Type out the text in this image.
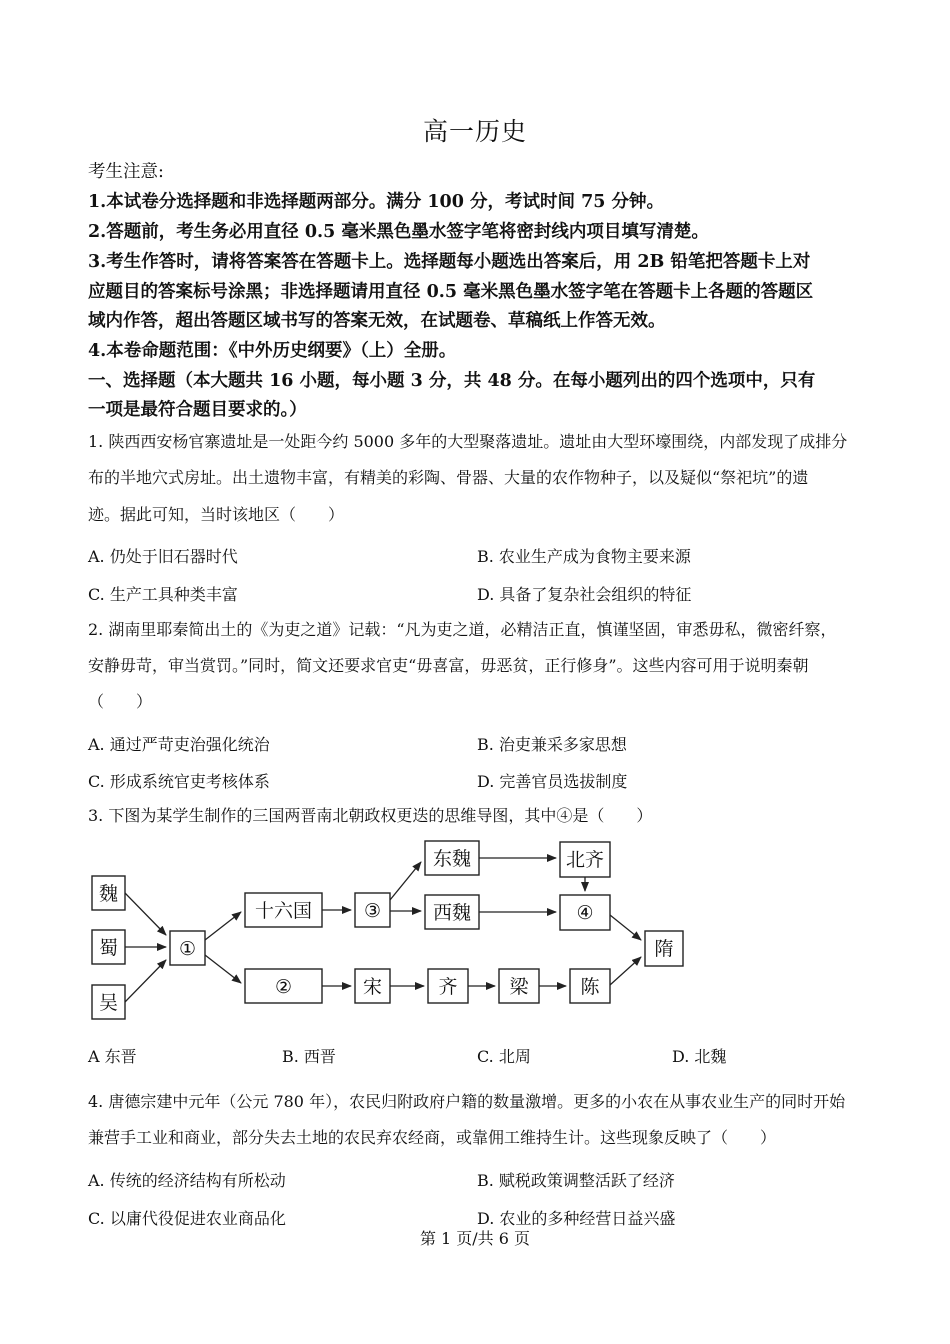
高一历史
考生注意:
1.本试卷分选择题和非选择题两部分。满分 100 分，考试时间 75 分钟。
2.答题前，考生务必用直径 0.5 毫米黑色墨水签字笔将密封线内项目填写清楚。
3.考生作答时，请将答案答在答题卡上。选择题每小题选出答案后，用 2B 铅笔把答题卡上对
应题目的答案标号涂黑；非选择题请用直径 0.5 毫米黑色墨水签字笔在答题卡上各题的答题区
域内作答，超出答题区域书写的答案无效，在试题卷、草稿纸上作答无效。
4.本卷命题范围：《中外历史纲要》（上）全册。
一、选择题（本大题共 16 小题，每小题 3 分，共 48 分。在每小题列出的四个选项中，只有
一项是最符合题目要求的。）
1. 陕西西安杨官寨遗址是一处距今约 5000 多年的大型聚落遗址。遗址由大型环壕围绕，内部发现了成排分
布的半地穴式房址。出土遗物丰富，有精美的彩陶、骨器、大量的农作物种子，以及疑似“祭祀坑”的遗
迹。据此可知，当时该地区（　　）
A. 仍处于旧石器时代	B. 农业生产成为食物主要来源
C. 生产工具种类丰富	D. 具备了复杂社会组织的特征
2. 湖南里耶秦简出土的《为吏之道》记载：“凡为吏之道，必精洁正直，慎谨坚固，审悉毋私，微密纤察，
安静毋苛，审当赏罚。”同时，简文还要求官吏“毋喜富，毋恶贫，正行修身”。这些内容可用于说明秦朝
（　　）
A. 通过严苛吏治强化统治	B. 治吏兼采多家思想
C. 形成系统官吏考核体系	D. 完善官员选拔制度
3. 下图为某学生制作的三国两晋南北朝政权更迭的思维导图，其中④是（　　）
魏
蜀
吴
①
十六国
②
③
东魏
西魏
北齐
④
宋	齐	梁	陈
隋
A 东晋	B. 西晋	C. 北周	D. 北魏
4. 唐德宗建中元年（公元 780 年），农民归附政府户籍的数量激增。更多的小农在从事农业生产的同时开始
兼营手工业和商业，部分失去土地的农民弃农经商，或靠佣工维持生计。这些现象反映了（　　）
A. 传统的经济结构有所松动	B. 赋税政策调整活跃了经济
C. 以庸代役促进农业商品化	D. 农业的多种经营日益兴盛
第 1 页/共 6 页
